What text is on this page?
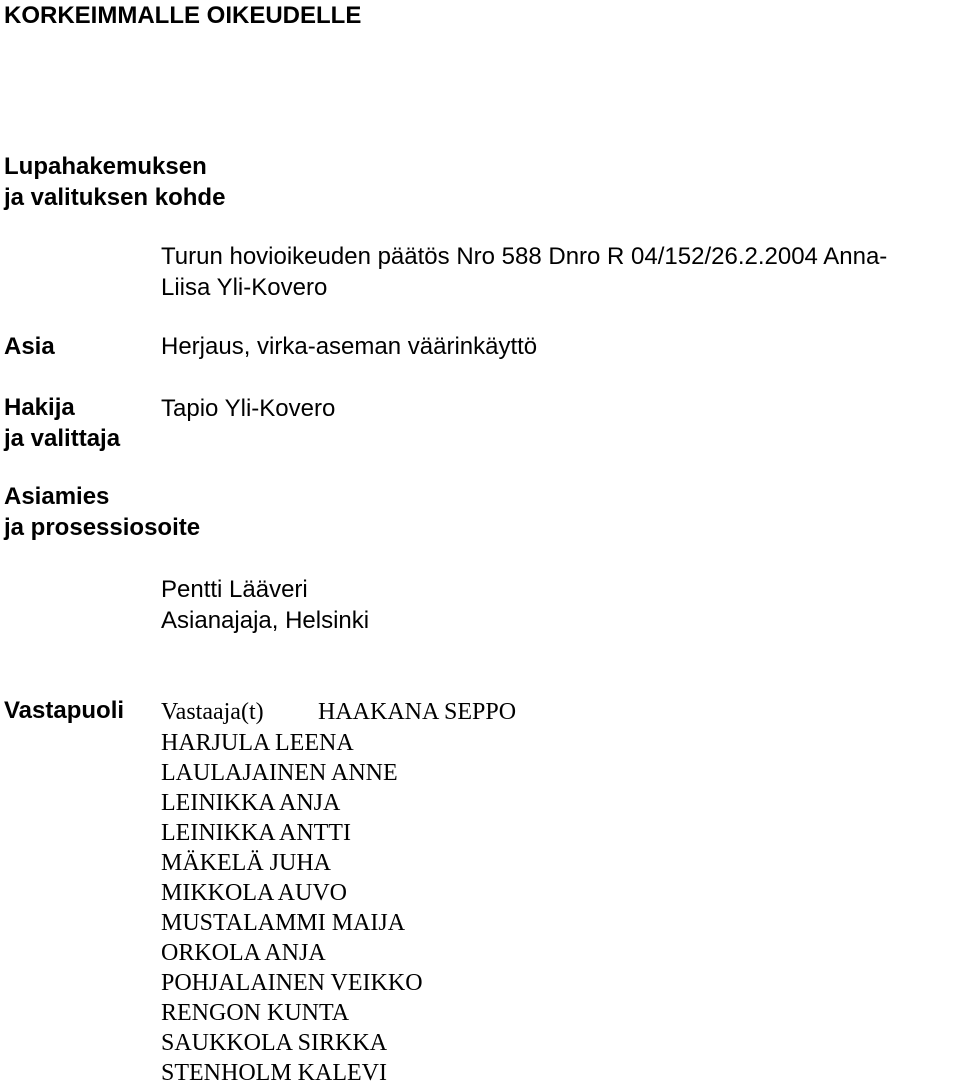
KORKEIMMALLE OIKEUDELLE
Lupahakemuksen
ja valituksen kohde
Turun hovioikeuden päätös Nro 588 Dnro R 04/152/26.2.2004 Anna-
Liisa Yli-Kovero
Asia	Herjaus, virka-aseman väärinkäyttö
Hakija
ja valittaja
Tapio Yli-Kovero
Asiamies
ja prosessiosoite
Pentti Lääveri
Asianajaja, Helsinki
Vastapuoli Vastaaja(t) HAAKANA SEPPO
HARJULA LEENA
LAULAJAINEN ANNE
LEINIKKA ANJA
LEINIKKA ANTTI
MÄKELÄ JUHA
MIKKOLA AUVO
MUSTALAMMI MAIJA
ORKOLA ANJA
POHJALAINEN VEIKKO
RENGON KUNTA
SAUKKOLA SIRKKA
STENHOLM KALEVI
